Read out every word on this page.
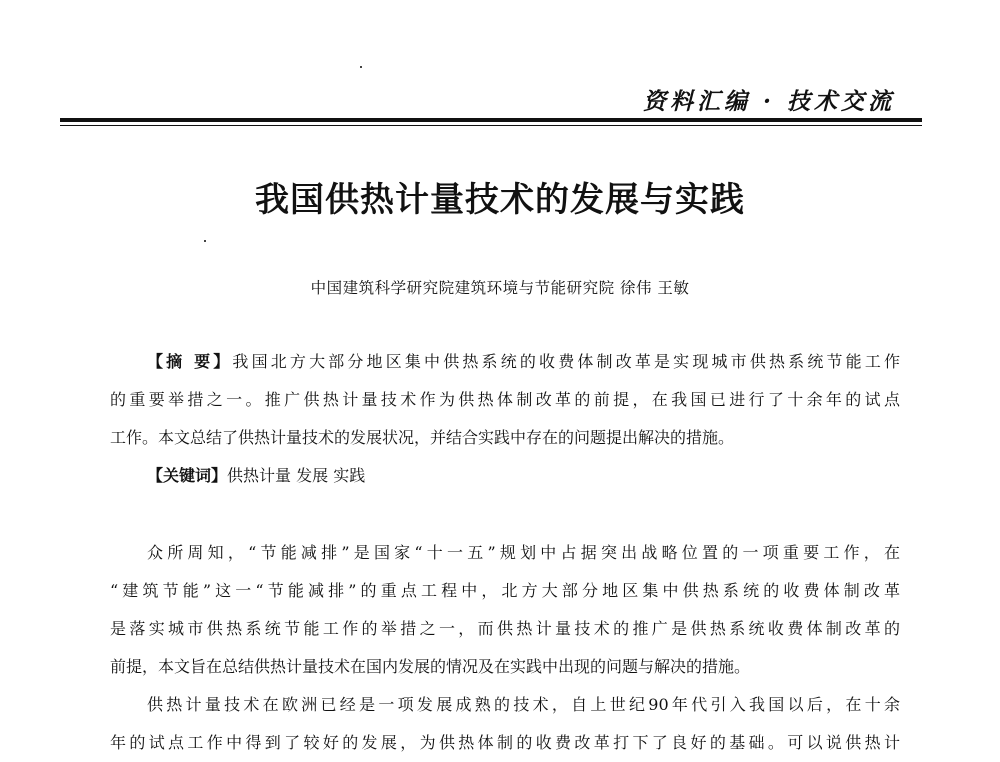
资料汇编 · 技术交流
我国供热计量技术的发展与实践
中国建筑科学研究院建筑环境与节能研究院 徐伟 王敏
【摘 要】我国北方大部分地区集中供热系统的收费体制改革是实现城市供热系统节能工作
的重要举措之一。推广供热计量技术作为供热体制改革的前提，在我国已进行了十余年的试点
工作。本文总结了供热计量技术的发展状况，并结合实践中存在的问题提出解决的措施。
【关键词】供热计量 发展 实践
众所周知，“节能减排”是国家“十一五”规划中占据突出战略位置的一项重要工作，在
“建筑节能”这一“节能减排”的重点工程中，北方大部分地区集中供热系统的收费体制改革
是落实城市供热系统节能工作的举措之一，而供热计量技术的推广是供热系统收费体制改革的
前提，本文旨在总结供热计量技术在国内发展的情况及在实践中出现的问题与解决的措施。
供热计量技术在欧洲已经是一项发展成熟的技术，自上世纪90年代引入我国以后，在十余
年的试点工作中得到了较好的发展，为供热体制的收费改革打下了良好的基础。可以说供热计
